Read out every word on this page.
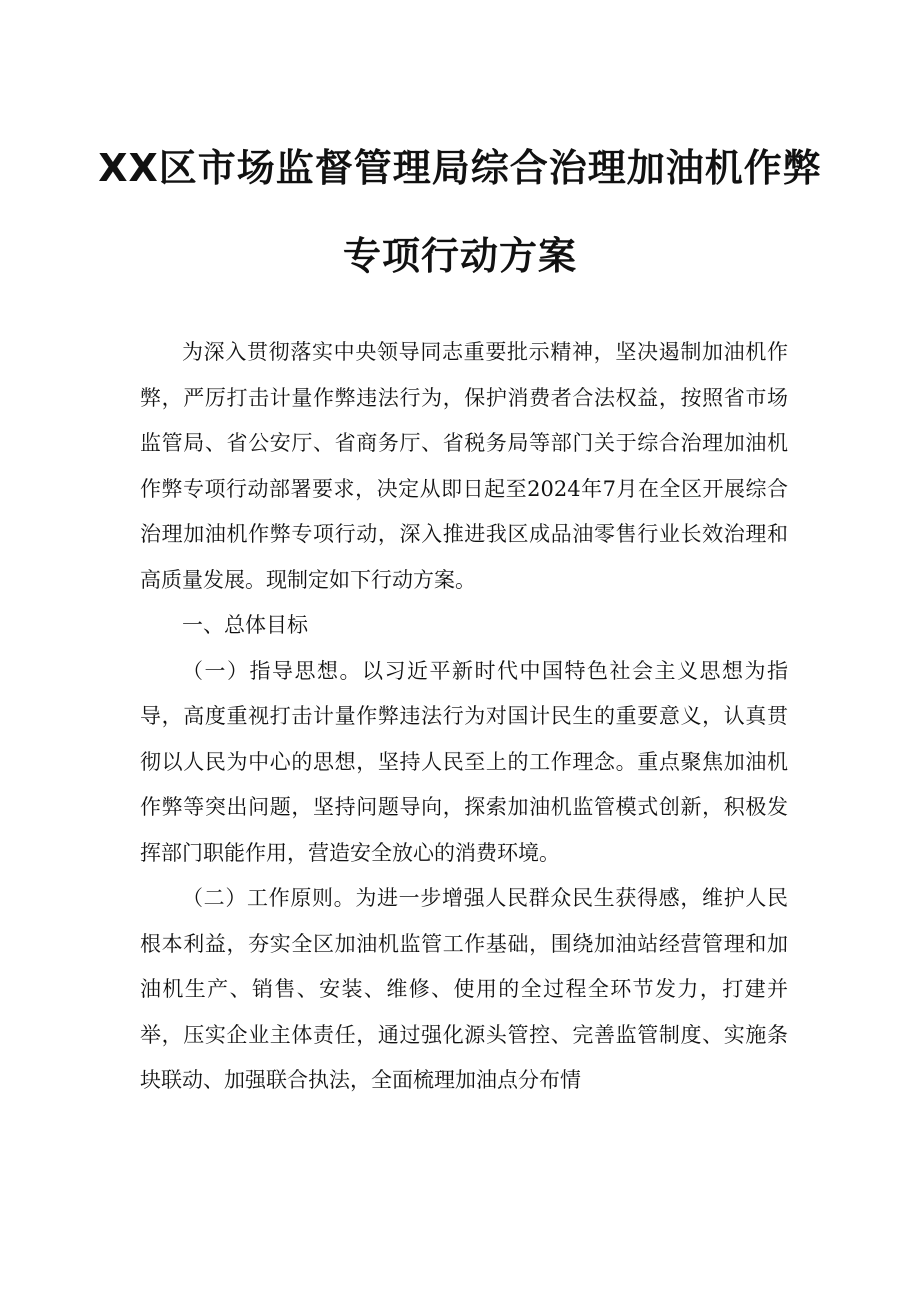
XX区市场监督管理局综合治理加油机作弊
专项行动方案

为深入贯彻落实中央领导同志重要批示精神，坚决遏制加油机作弊，严厉打击计量作弊违法行为，保护消费者合法权益，按照省市场监管局、省公安厅、省商务厅、省税务局等部门关于综合治理加油机作弊专项行动部署要求，决定从即日起至2024年7月在全区开展综合治理加油机作弊专项行动，深入推进我区成品油零售行业长效治理和高质量发展。现制定如下行动方案。

一、总体目标

（一）指导思想。以习近平新时代中国特色社会主义思想为指导，高度重视打击计量作弊违法行为对国计民生的重要意义，认真贯彻以人民为中心的思想，坚持人民至上的工作理念。重点聚焦加油机作弊等突出问题，坚持问题导向，探索加油机监管模式创新，积极发挥部门职能作用，营造安全放心的消费环境。

（二）工作原则。为进一步增强人民群众民生获得感，维护人民根本利益，夯实全区加油机监管工作基础，围绕加油站经营管理和加油机生产、销售、安装、维修、使用的全过程全环节发力，打建并举，压实企业主体责任，通过强化源头管控、完善监管制度、实施条块联动、加强联合执法，全面梳理加油点分布情
